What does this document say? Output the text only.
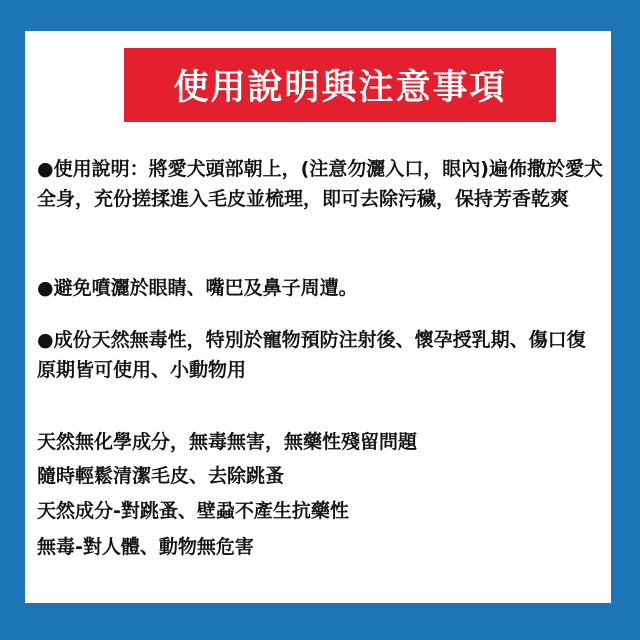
使用說明與注意事項

●使用說明：將愛犬頭部朝上，(注意勿灑入口，眼內)遍佈撒於愛犬全身，充份搓揉進入毛皮並梳理，即可去除污穢，保持芳香乾爽

●避免噴灑於眼睛、嘴巴及鼻子周遭。

●成份天然無毒性，特別於寵物預防注射後、懷孕授乳期、傷口復原期皆可使用、小動物用

天然無化學成分，無毒無害，無藥性殘留問題

隨時輕鬆清潔毛皮、去除跳蚤

天然成分-對跳蚤、壁蝨不產生抗藥性

無毒-對人體、動物無危害
